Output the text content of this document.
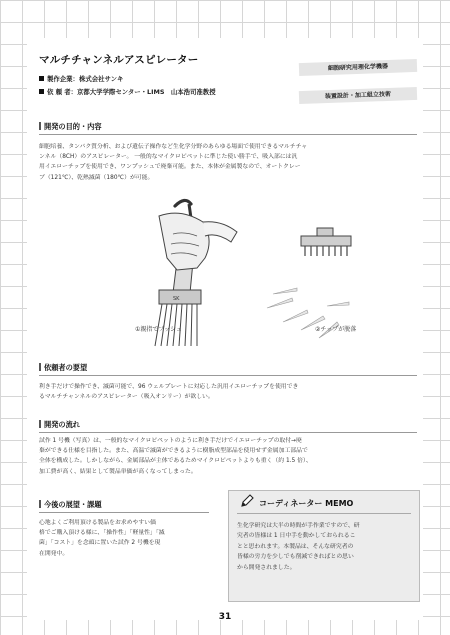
マルチチャンネルアスピレーター
製作企業：株式会社サンキ
依 頼 者：京都大学学際センター・LIMS　山本浩司准教授
細胞研究用理化学機器
装置設計・加工組立技術
開発の目的・内容
細胞培養、タンパク質分析、および遺伝子操作など生化学分野のあらゆる場面で使用できるマルチチャ
ンネル（8CH）のアスピレーター。 一般的なマイクロピペットに準じた使い勝手で、吸入部には汎
用イエローチップを使用でき、ワンプッシュで廃棄可能。また、本体が金属製なので、オートクレー
ブ（121℃）、乾熱滅菌（180℃）が可能。
SK
①親指でプッシュ	②チップが脱落
依頼者の要望
利き手だけで操作でき、滅菌可能で、96 ウェルプレートに対応した汎用イエローチップを使用でき
るマルチチャンネルのアスピレーター（吸入オンリー）が欲しい。
開発の流れ
試作 1 号機（写真）は、一般的なマイクロピペットのように利き手だけでイエローチップの取付→廃
棄ができる仕様を目指した。また、高温で滅菌ができるように樹脂成型部品を使用せず金属加工部品で
全体を構成した。しかしながら、金属部品が主体であるためマイクロピペットよりも重く（約 1.5 倍）、
加工費が高く、結果として製品単価が高くなってしまった。
今後の展望・課題
心地よくご利用頂ける製品をお求めやすい価
格でご購入頂ける様に、「操作性」「軽量性」「滅
菌」「コスト」を念頭に置いた試作 2 号機を現
在開発中。
コーディネーター MEMO
生化学研究は大半の時間が手作業ですので、研
究者の皆様は 1 日中手を動かしておられるこ
とと思われます。本製品は、そんな研究者の
皆様の労力を少しでも削減できればとの思い
から開発されました。
31
